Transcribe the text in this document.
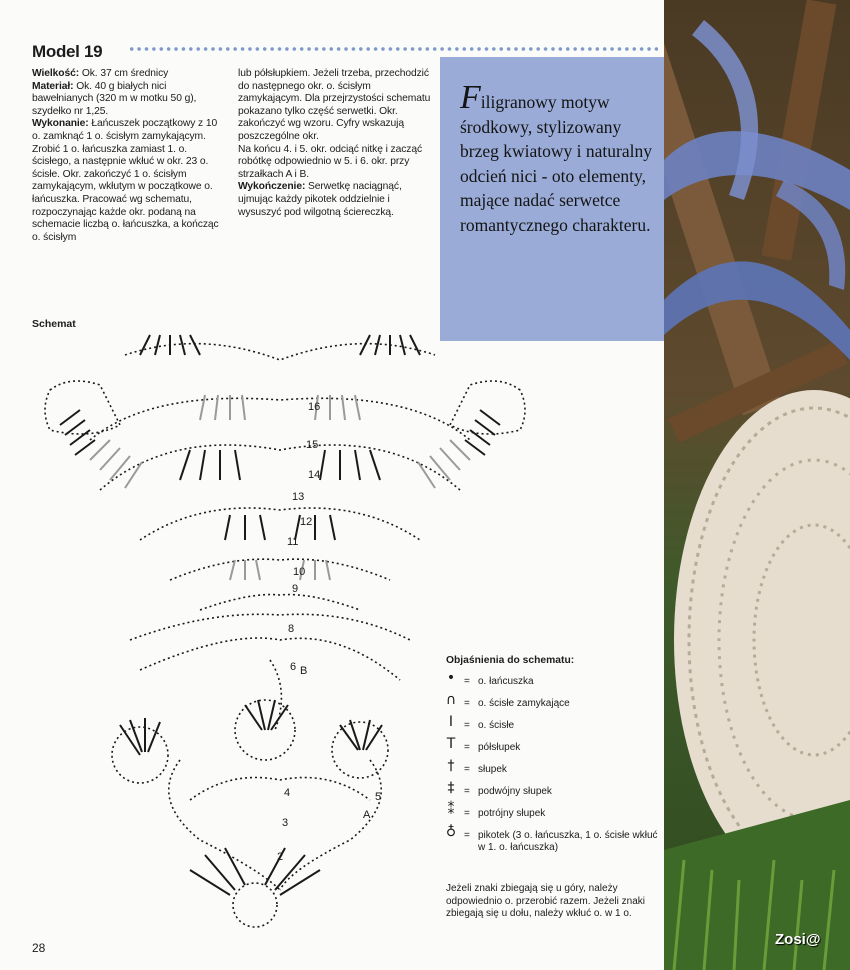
Model 19

Wielkość: Ok. 37 cm średnicy

Materiał: Ok. 40 g białych nici bawełnianych (320 m w motku 50 g), szydełko nr 1,25.

Wykonanie: Łańcuszek początkowy z 10 o. zamknąć 1 o. ścisłym zamykającym. Zrobić 1 o. łańcuszka zamiast 1. o. ścisłego, a następnie wkłuć w okr. 23 o. ścisłe. Okr. zakończyć 1 o. ścisłym zamykającym, wkłutym w początkowe o. łańcuszka. Pracować wg schematu, rozpoczynając każde okr. podaną na schemacie liczbą o. łańcuszka, a kończąc o. ścisłym

lub półsłupkiem. Jeżeli trzeba, przechodzić do następnego okr. o. ścisłym zamykającym. Dla przejrzystości schematu pokazano tylko część serwetki. Okr. zakończyć wg wzoru. Cyfry wskazują poszczególne okr.

Na końcu 4. i 5. okr. odciąć nitkę i zacząć robótkę odpowiednio w 5. i 6. okr. przy strzałkach A i B.

Wykończenie: Serwetkę naciągnąć, ujmując każdy pikotek oddzielnie i wysuszyć pod wilgotną ściereczką.

Filigranowy motyw środkowy, stylizowany brzeg kwiatowy i naturalny odcień nici - oto elementy, mające nadać serwetce romantycznego charakteru.
Schemat
2
3
4	5
6
8
9
10
11
12
13
14
15
16
A
B
Objaśnienia do schematu:
• = o. łańcuszka
∩ = o. ścisłe zamykające
I	= o. ścisłe
T = półsłupek
† = słupek
‡ = podwójny słupek
⁑ = potrójny słupek
♁ = pikotek (3 o. łańcuszka, 1 o. ścisłe wkłuć w 1. o. łańcuszka)
Jeżeli znaki zbiegają się u góry, należy odpowiednio o. przerobić razem. Jeżeli znaki zbiegają się u dołu, należy wkłuć o. w 1 o.
28	Zosi@
